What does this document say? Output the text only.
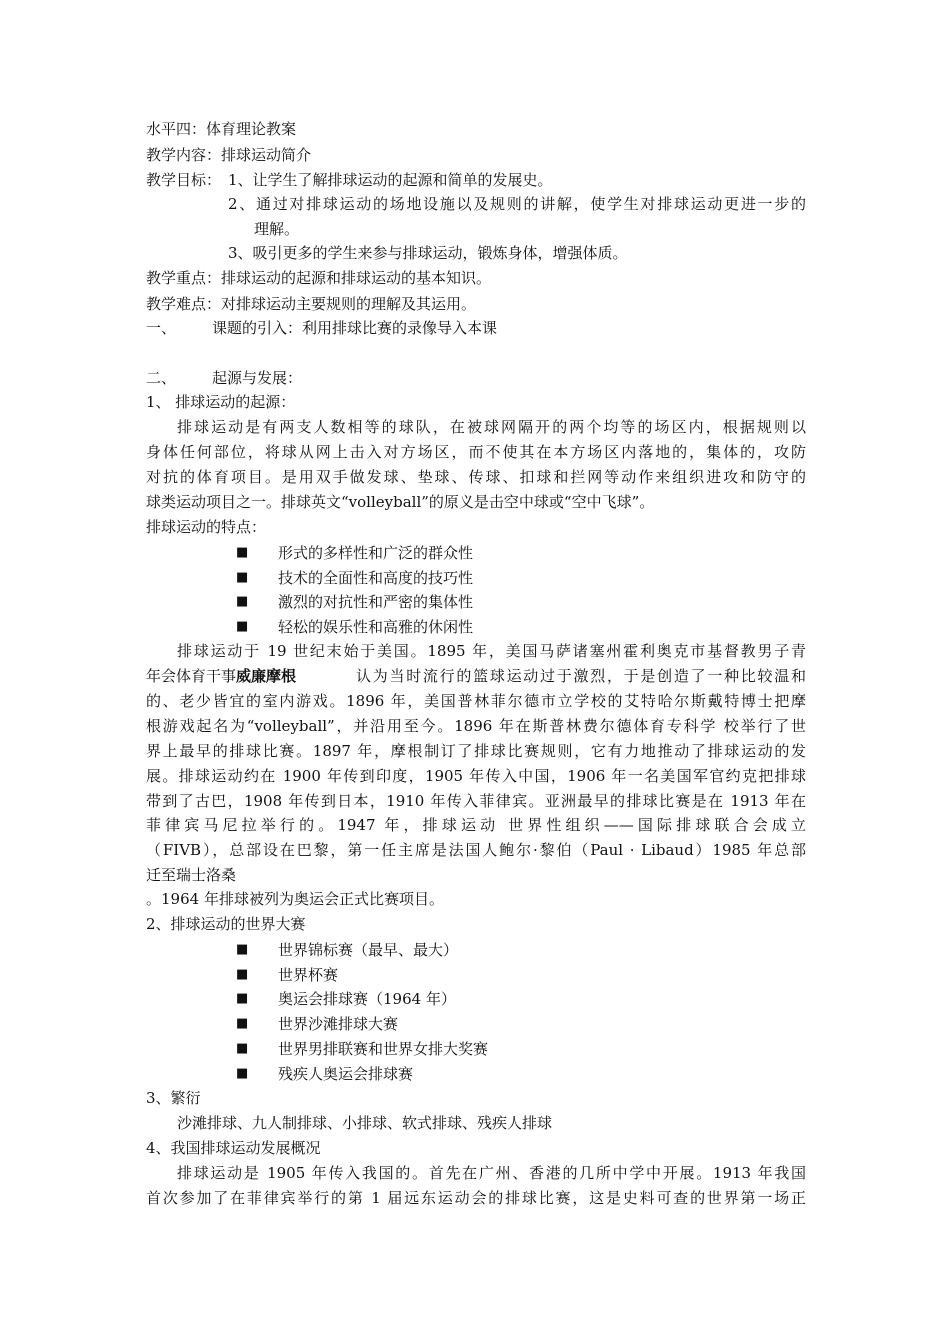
水平四：体育理论教案
教学内容：排球运动简介
教学目标： 1、让学生了解排球运动的起源和简单的发展史。
2、通过对排球运动的场地设施以及规则的讲解，使学生对排球运动更进一步的
理解。
3、吸引更多的学生来参与排球运动，锻炼身体，增强体质。
教学重点：排球运动的起源和排球运动的基本知识。
教学难点：对排球运动主要规则的理解及其运用。
一、 课题的引入：利用排球比赛的录像导入本课
二、 起源与发展：
1、 排球运动的起源：
排球运动是有两支人数相等的球队，在被球网隔开的两个均等的场区内，根据规则以
身体任何部位，将球从网上击入对方场区，而不使其在本方场区内落地的，集体的，攻防
对抗的体育项目。是用双手做发球、垫球、传球、扣球和拦网等动作来组织进攻和防守的
球类运动项目之一。排球英文“volleyball”的原义是击空中球或“空中飞球”。
排球运动的特点：
■ 形式的多样性和广泛的群众性
■ 技术的全面性和高度的技巧性
■ 激烈的对抗性和严密的集体性
■ 轻松的娱乐性和高雅的休闲性
排球运动于 19 世纪末始于美国。1895 年，美国马萨诸塞州霍利奥克市基督教男子青
年会体育干事 威廉摩根	认为当时流行的篮球运动过于激烈，于是创造了一种比较温和
的、老少皆宜的室内游戏。1896 年，美国普林菲尔德市立学校的艾特哈尔斯戴特博士把摩
根游戏起名为“volleyball”，并沿用至今。1896 年在斯普林费尔德体育专科学 校举行了世
界上最早的排球比赛。1897 年，摩根制订了排球比赛规则，它有力地推动了排球运动的发
展。排球运动约在 1900 年传到印度，1905 年传入中国，1906 年一名美国军官约克把排球
带到了古巴，1908 年传到日本，1910 年传入菲律宾。亚洲最早的排球比赛是在 1913 年在
菲律宾马尼拉举行的。1947 年，排球运动 世界性组织——国际排球联合会成立
（FIVB），总部设在巴黎，第一任主席是法国人鲍尔·黎伯（Paul · Libaud）1985 年总部
迁至瑞士洛桑
。1964 年排球被列为奥运会正式比赛项目。
2、排球运动的世界大赛
■ 世界锦标赛（最早、最大）
■ 世界杯赛
■ 奥运会排球赛（1964 年）
■ 世界沙滩排球大赛
■ 世界男排联赛和世界女排大奖赛
■ 残疾人奥运会排球赛
3、繁衍
沙滩排球、九人制排球、小排球、软式排球、残疾人排球
4、我国排球运动发展概况
排球运动是 1905 年传入我国的。首先在广州、香港的几所中学中开展。1913 年我国
首次参加了在菲律宾举行的第 1 届远东运动会的排球比赛，这是史料可查的世界第一场正
